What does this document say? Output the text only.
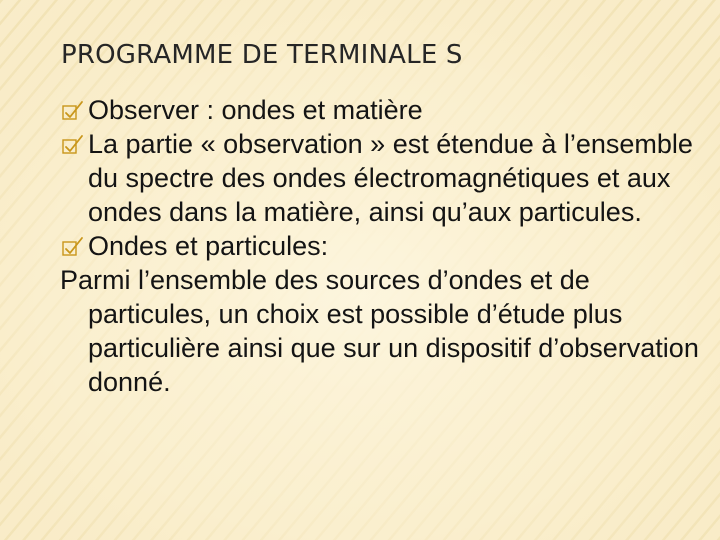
PROGRAMME DE TERMINALE S
Observer : ondes et matière
La partie « observation » est étendue à l’ensemble du spectre des ondes électromagnétiques et aux ondes dans la matière, ainsi qu’aux particules.
Ondes et particules:
Parmi l’ensemble des sources d’ondes et de particules, un choix est possible d’étude plus particulière ainsi que sur un dispositif d’observation donné.
